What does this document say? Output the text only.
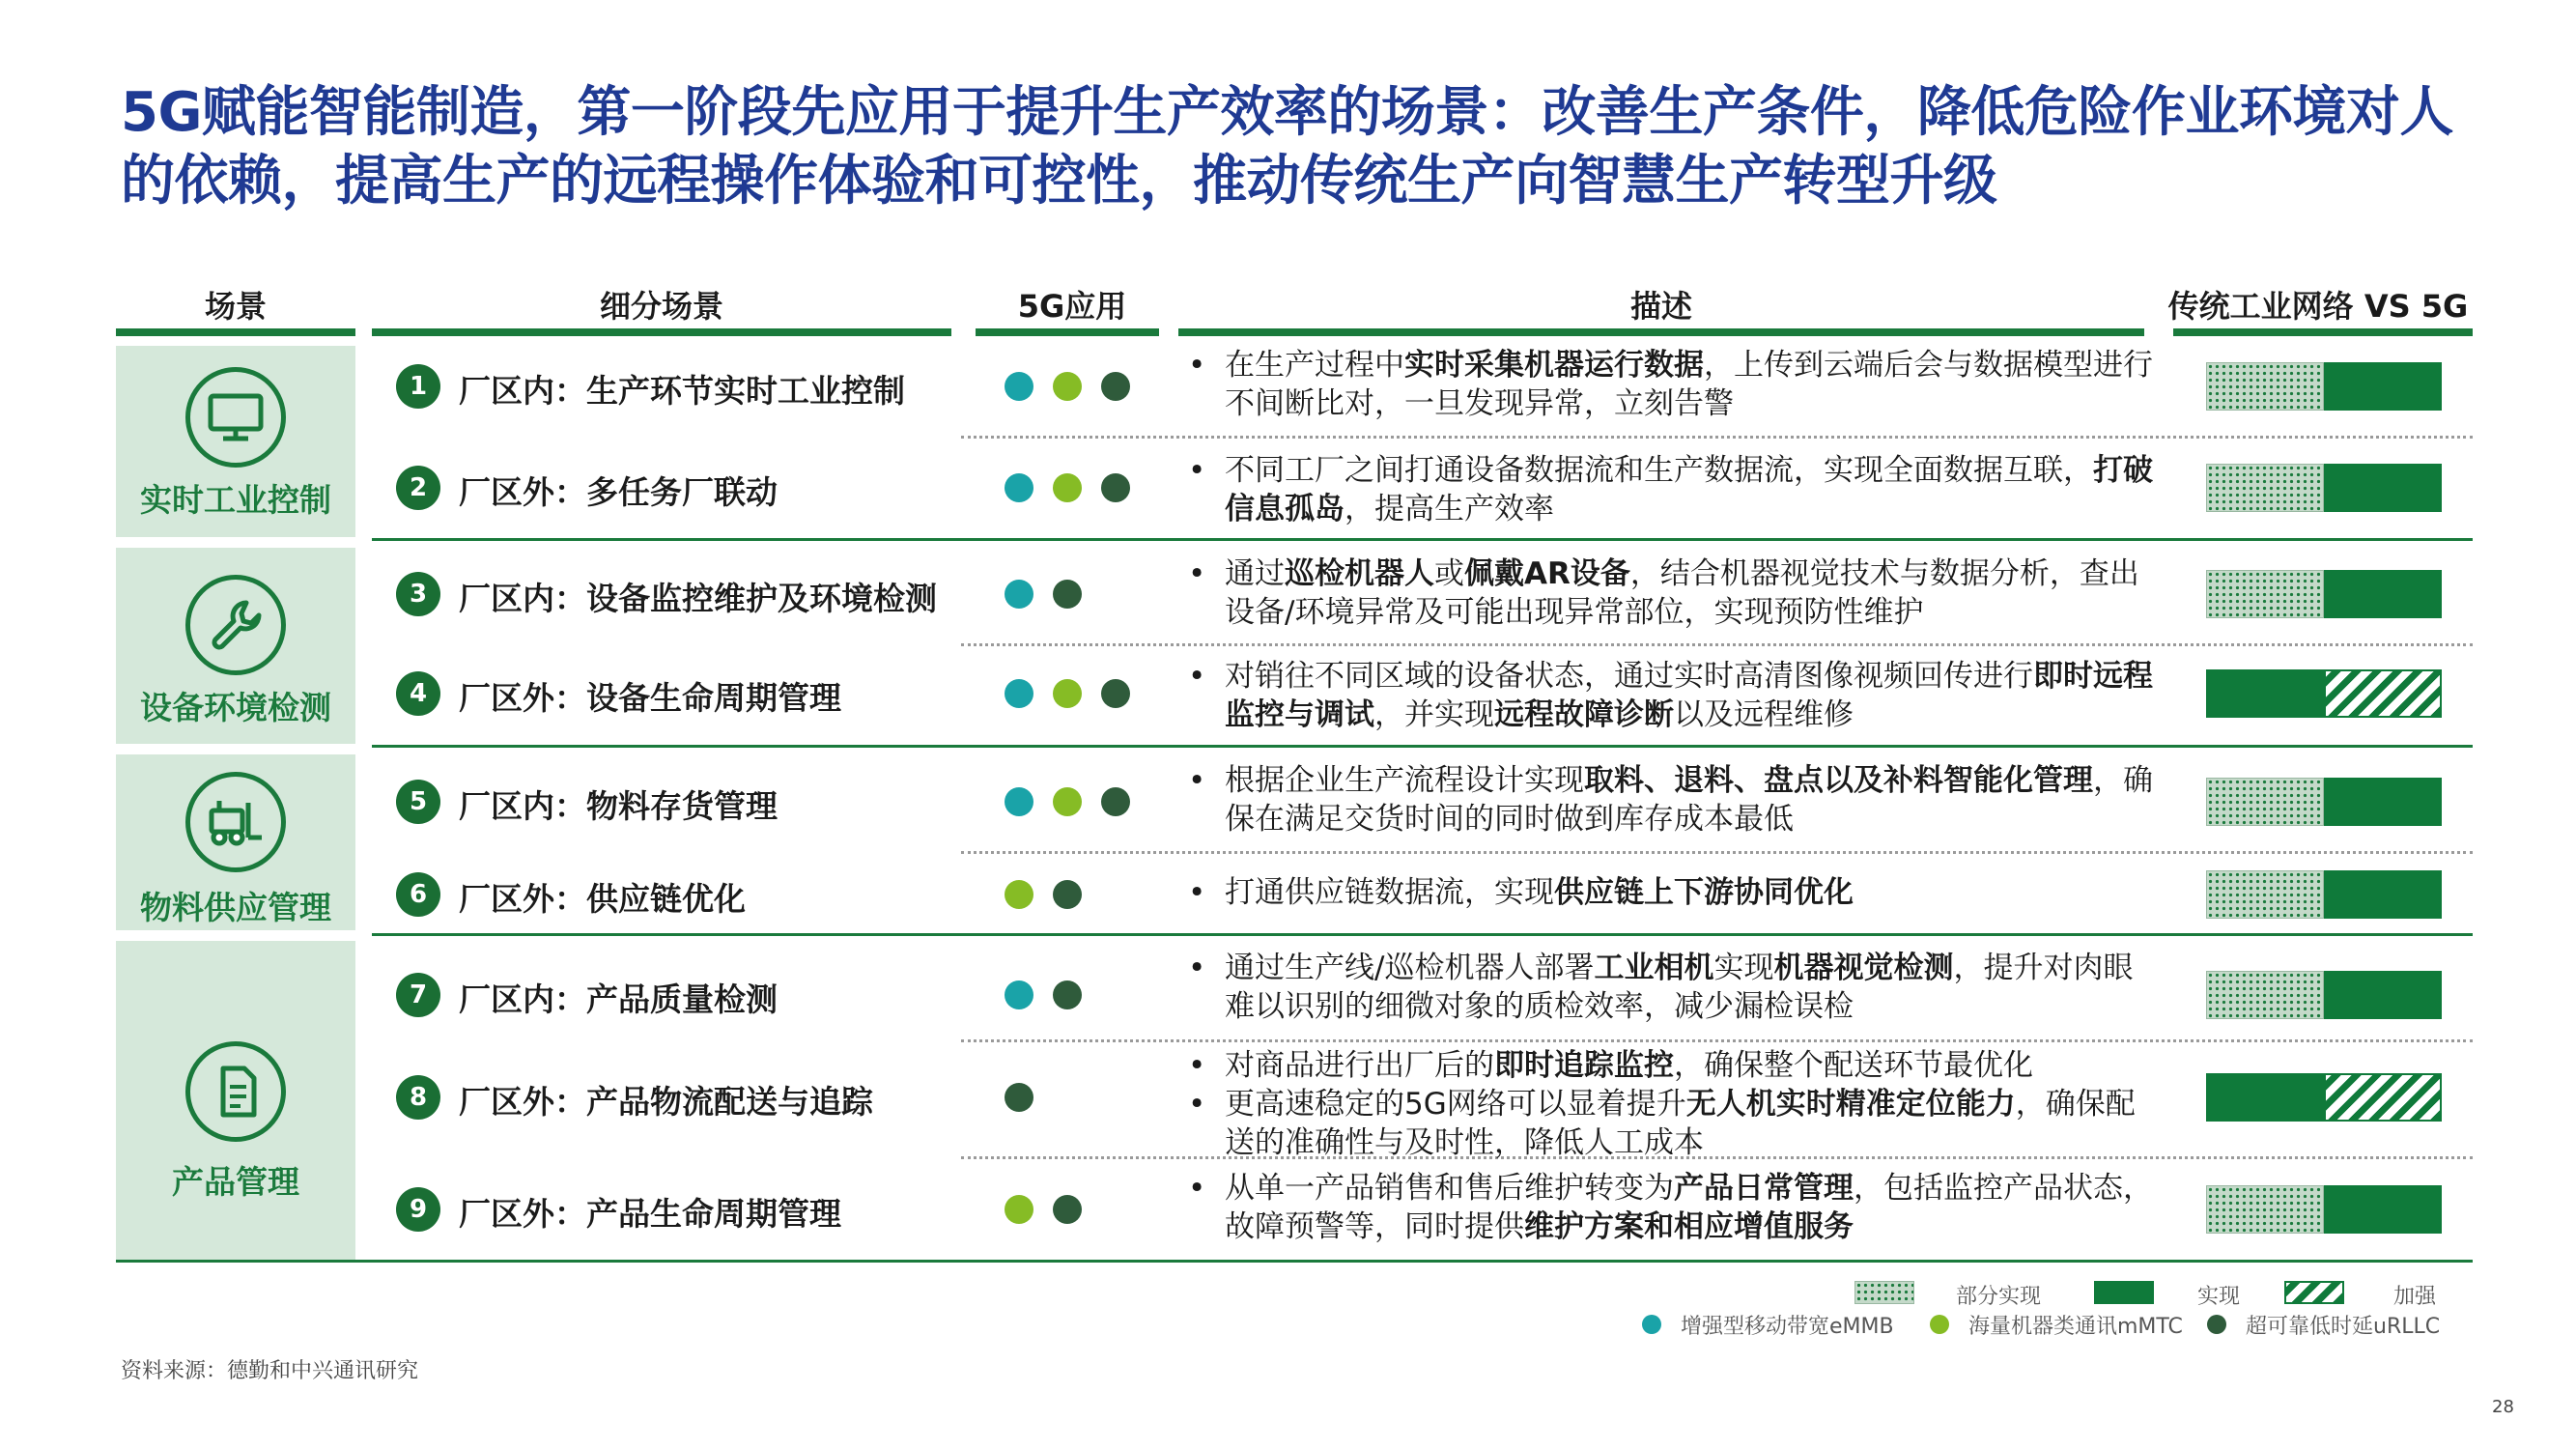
5G赋能智能制造，第一阶段先应用于提升生产效率的场景：改善生产条件，降低危险作业环境对人
的依赖，提高生产的远程操作体验和可控性，推动传统生产向智慧生产转型升级
场景	细分场景	5G应用	描述	传统工业网络 VS 5G
实时工业控制
设备环境检测
物料供应管理
产品管理
1 厂区内：生产环节实时工业控制
• 在生产过程中实时采集机器运行数据，上传到云端后会与数据模型进行不间断比对，一旦发现异常，立刻告警
2 厂区外：多任务厂联动
• 不同工厂之间打通设备数据流和生产数据流，实现全面数据互联，打破信息孤岛，提高生产效率
3 厂区内：设备监控维护及环境检测
• 通过巡检机器人或佩戴AR设备，结合机器视觉技术与数据分析，查出设备/环境异常及可能出现异常部位，实现预防性维护
4 厂区外：设备生命周期管理
• 对销往不同区域的设备状态，通过实时高清图像视频回传进行即时远程监控与调试，并实现远程故障诊断以及远程维修
5 厂区内：物料存货管理
• 根据企业生产流程设计实现取料、退料、盘点以及补料智能化管理，确保在满足交货时间的同时做到库存成本最低
6 厂区外：供应链优化
•	打通供应链数据流，实现供应链上下游协同优化
7 厂区内：产品质量检测
• 通过生产线/巡检机器人部署工业相机实现机器视觉检测，提升对肉眼难以识别的细微对象的质检效率，减少漏检误检
8 厂区外：产品物流配送与追踪
• 对商品进行出厂后的即时追踪监控，确保整个配送环节最优化
• 更高速稳定的5G网络可以显着提升无人机实时精准定位能力，确保配送的准确性与及时性，降低人工成本
9 厂区外：产品生命周期管理
• 从单一产品销售和售后维护转变为产品日常管理，包括监控产品状态，故障预警等，同时提供维护方案和相应增值服务
部分实现	实现	加强
增强型移动带宽eMMB	海量机器类通讯mMTC	超可靠低时延uRLLC
资料来源：德勤和中兴通讯研究
28
